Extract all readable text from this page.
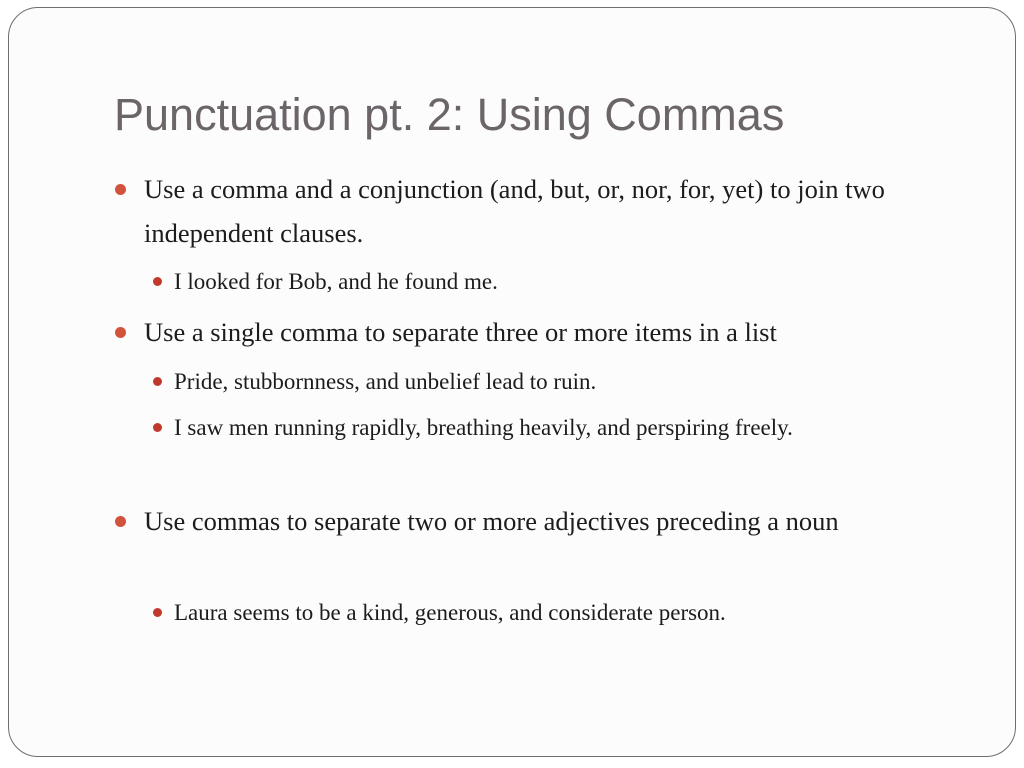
Punctuation pt. 2: Using Commas
Use a comma and a conjunction (and, but, or, nor, for, yet) to join two independent clauses.
I looked for Bob, and he found me.
Use a single comma to separate three or more items in a list
Pride, stubbornness, and unbelief lead to ruin.
I saw men running rapidly, breathing heavily, and perspiring freely.
Use commas to separate two or more adjectives preceding a noun
Laura seems to be a kind, generous, and considerate person.
